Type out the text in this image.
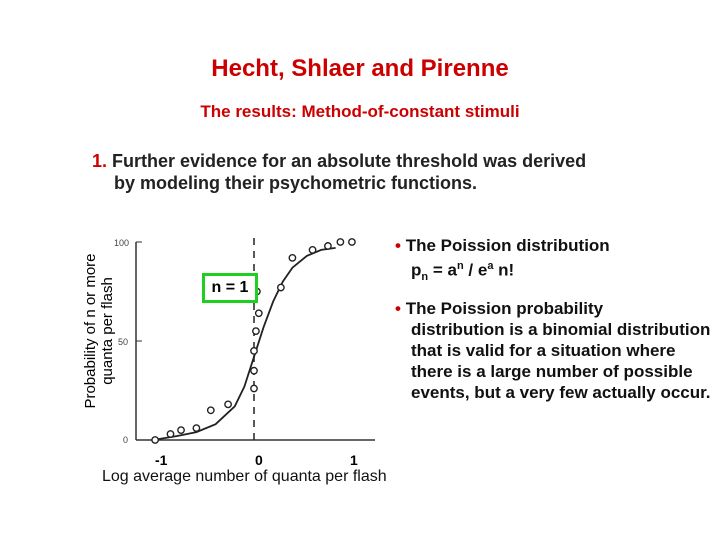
Hecht, Shlaer and Pirenne
The results: Method-of-constant stimuli
1. Further evidence for an absolute threshold was derived
by modeling their psychometric functions.
Probability of n or more quanta per flash
100
50
0
n = 1
-1	0	1
Log average number of quanta per flash
• The Poission distribution
$p_n = a^n / e^a$ n!
• The Poission probability
distribution is a binomial distribution that is valid for a situation where there is a large number of possible events, but a very few actually occur.
